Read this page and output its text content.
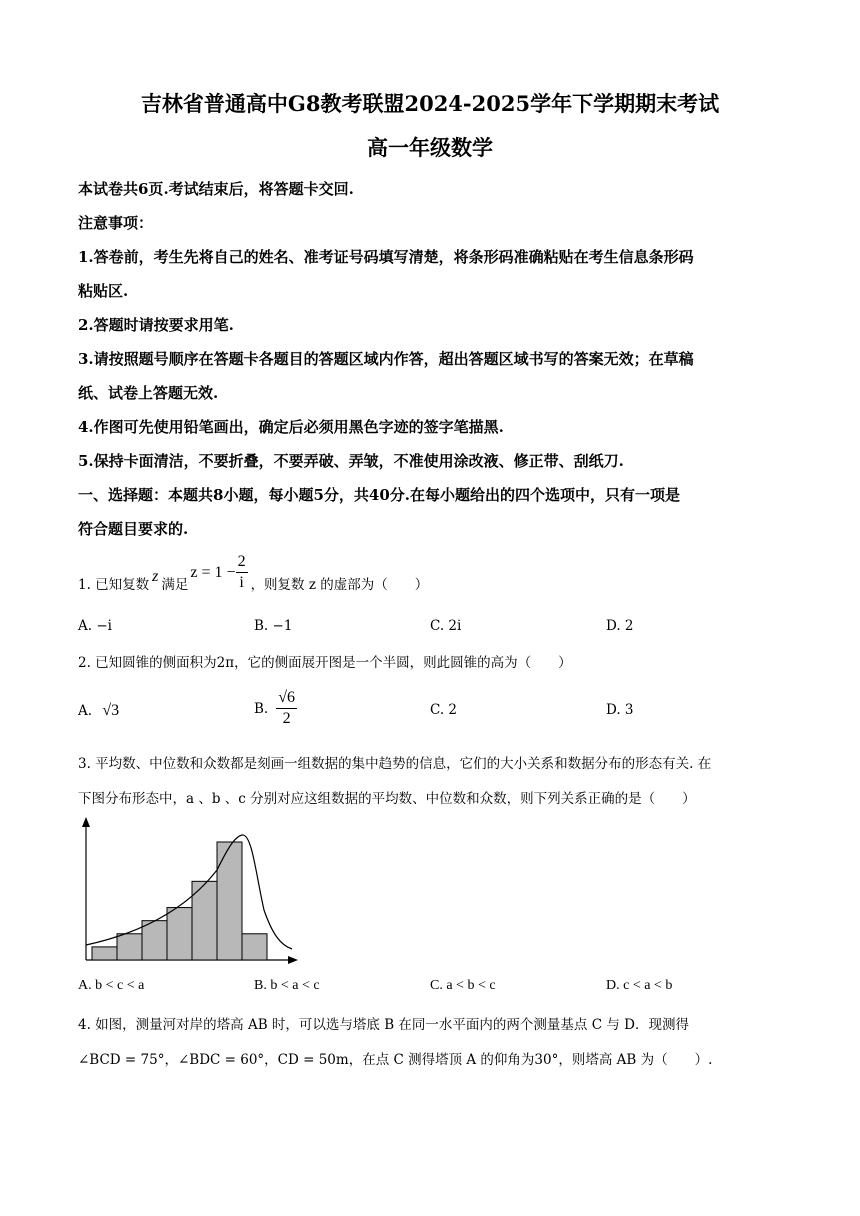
吉林省普通高中G8教考联盟2024-2025学年下学期期末考试
高一年级数学
本试卷共6页.考试结束后，将答题卡交回.
注意事项：
1.答卷前，考生先将自己的姓名、准考证号码填写清楚，将条形码准确粘贴在考生信息条形码
粘贴区.
2.答题时请按要求用笔.
3.请按照题号顺序在答题卡各题目的答题区域内作答，超出答题区域书写的答案无效；在草稿
纸、试卷上答题无效.
4.作图可先使用铅笔画出，确定后必须用黑色字迹的签字笔描黑.
5.保持卡面清洁，不要折叠，不要弄破、弄皱，不准使用涂改液、修正带、刮纸刀.
一、选择题：本题共8小题，每小题5分，共40分.在每小题给出的四个选项中，只有一项是
符合题目要求的.
1. 已知复数 z 满足
$z = 1 - \frac{2}{i}$ ，则复数 z 的虚部为（　　）
A. −i	B. −1	C. 2i	D. 2
2. 已知圆锥的侧面积为2π，它的侧面展开图是一个半圆，则此圆锥的高为（　　）
A. √3	B. $\frac{√6}{2}$	C. 2	D. 3
3. 平均数、中位数和众数都是刻画一组数据的集中趋势的信息，它们的大小关系和数据分布的形态有关. 在
下图分布形态中，a 、b 、c 分别对应这组数据的平均数、中位数和众数，则下列关系正确的是（　　）
A. b < c < a	B. b < a < c	C. a < b < c	D. c < a < b
4. 如图，测量河对岸的塔高 AB 时，可以选与塔底 B 在同一水平面内的两个测量基点 C 与 D．现测得
∠BCD = 75°，∠BDC = 60°，CD = 50m，在点 C 测得塔顶 A 的仰角为30°，则塔高 AB 为（　　）.
